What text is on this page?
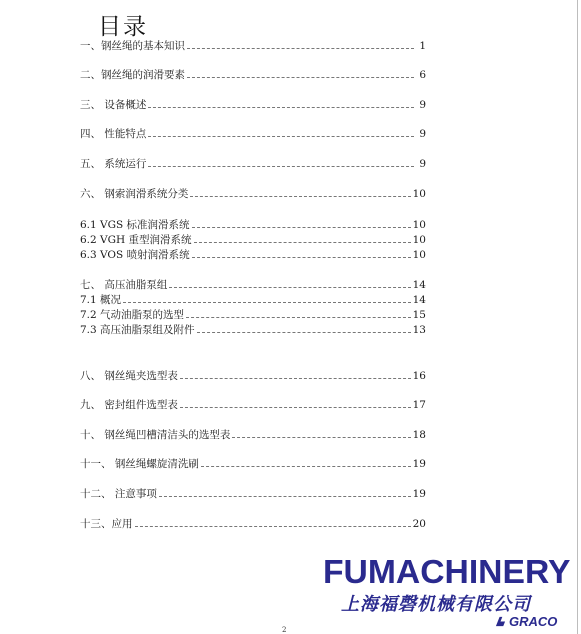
目录
一、钢丝绳的基本知识	1
二、钢丝绳的润滑要素	6
三、 设备概述	9
四、 性能特点	9
五、 系统运行	9
六、 钢索润滑系统分类	10
6.1 VGS 标准润滑系统	10
6.2 VGH 重型润滑系统	10
6.3 VOS 喷射润滑系统	10
七、 高压油脂泵组	14
7.1 概况	14
7.2 气动油脂泵的选型	15
7.3 高压油脂泵组及附件	13
八、 钢丝绳夹选型表	16
九、 密封组件选型表	17
十、 钢丝绳凹槽清洁头的选型表	18
十一、 钢丝绳螺旋清洗刷	19
十二、 注意事项	19
十三、应用	20
FUMACHINERY
上海福磬机械有限公司
GRACO
2
